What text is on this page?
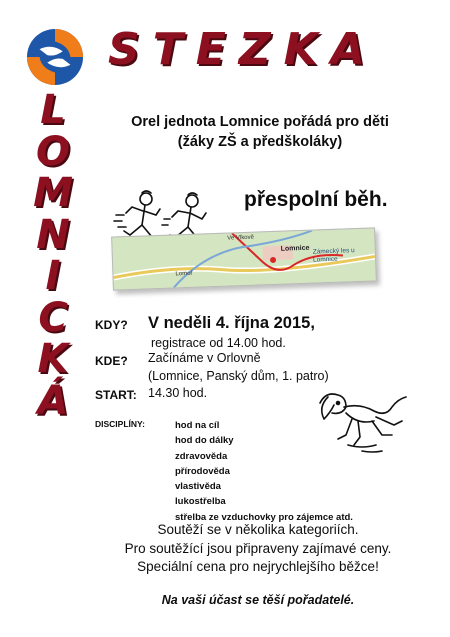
STEZKA
L
O
M
N
I
C
K
Á
Orel jednota Lomnice pořádá pro děti
(žáky ZŠ a předškoláky)
Ve Vlkově
Lomnice Zámecký les u Lomnice
Lomoř
přespolní běh.
KDY? V neděli 4. října 2015,
registrace od 14.00 hod.
KDE? Začínáme v Orlovně
(Lomnice, Panský dům, 1. patro)
START: 14.30 hod.
DISCIPLÍNY:	hod na cíl
hod do dálky
zdravověda
přírodověda
vlastivěda
lukostřelba
střelba ze vzduchovky pro zájemce atd.
Soutěží se v několika kategoriích.
Pro soutěžící jsou připraveny zajímavé ceny.
Speciální cena pro nejrychlejšího běžce!
Na vaši účast se těší pořadatelé.
